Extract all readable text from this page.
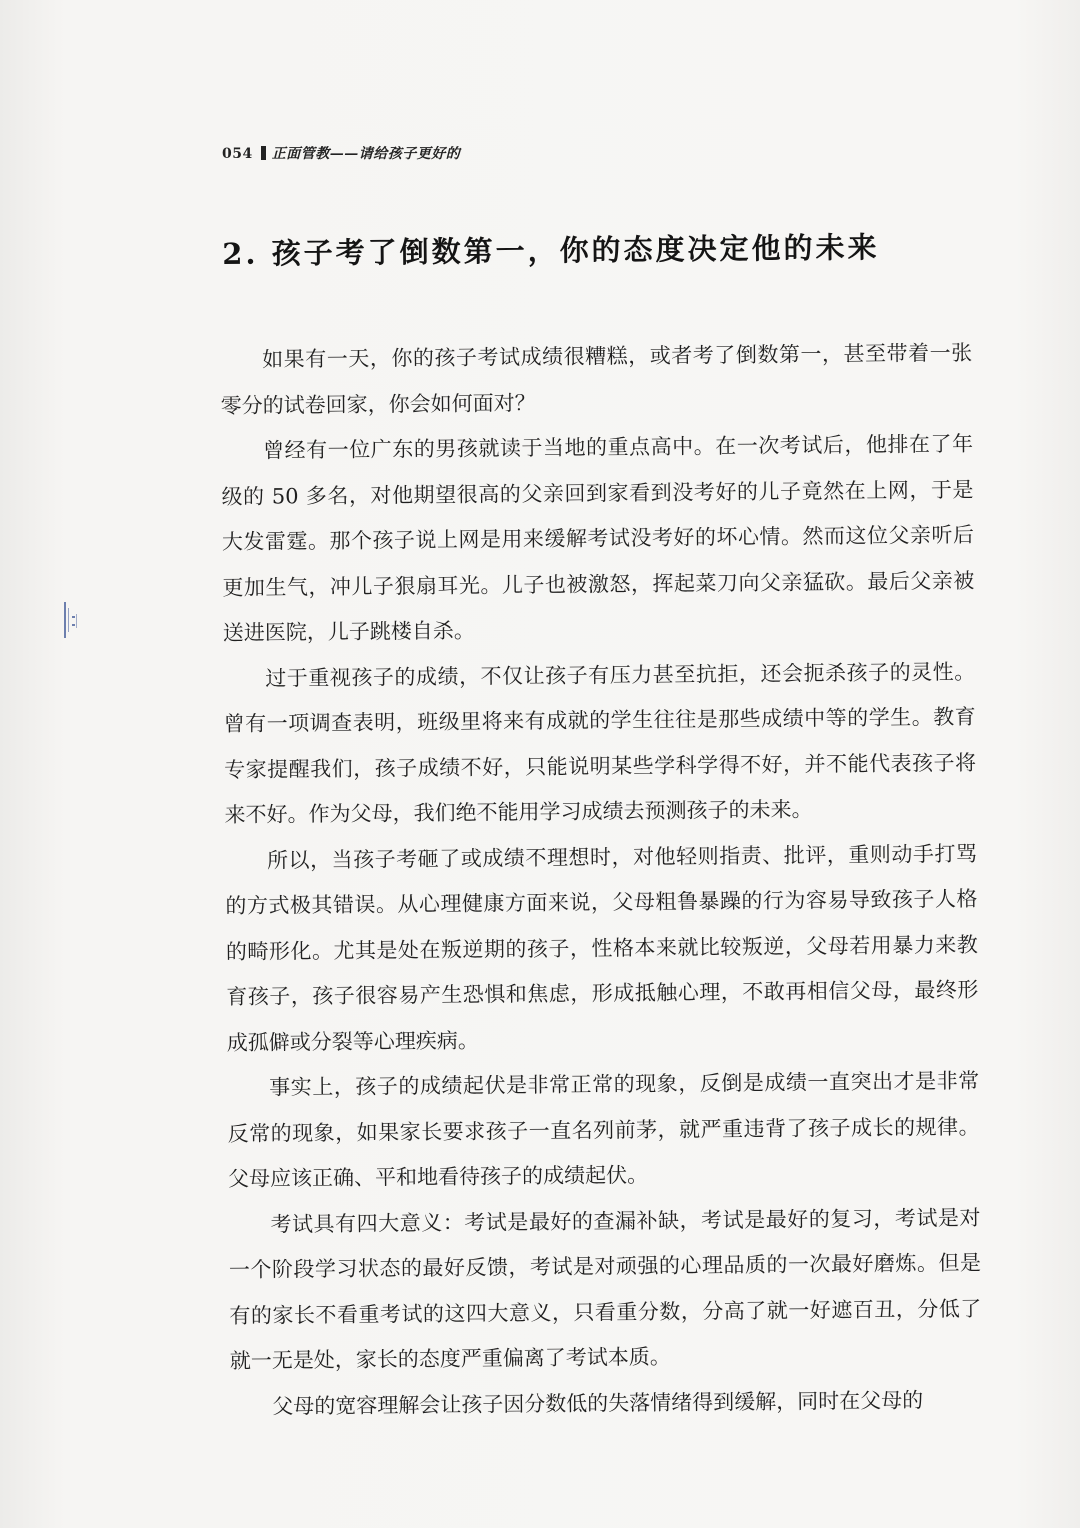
054 正面管教——请给孩子更好的
2. 孩子考了倒数第一，你的态度决定他的未来

如果有一天，你的孩子考试成绩很糟糕，或者考了倒数第一，甚至带着一张零分的试卷回家，你会如何面对？

曾经有一位广东的男孩就读于当地的重点高中。在一次考试后，他排在了年级的 50 多名，对他期望很高的父亲回到家看到没考好的儿子竟然在上网，于是大发雷霆。那个孩子说上网是用来缓解考试没考好的坏心情。然而这位父亲听后更加生气，冲儿子狠扇耳光。儿子也被激怒，挥起菜刀向父亲猛砍。最后父亲被送进医院，儿子跳楼自杀。

过于重视孩子的成绩，不仅让孩子有压力甚至抗拒，还会扼杀孩子的灵性。曾有一项调查表明，班级里将来有成就的学生往往是那些成绩中等的学生。教育专家提醒我们，孩子成绩不好，只能说明某些学科学得不好，并不能代表孩子将来不好。作为父母，我们绝不能用学习成绩去预测孩子的未来。

所以，当孩子考砸了或成绩不理想时，对他轻则指责、批评，重则动手打骂的方式极其错误。从心理健康方面来说，父母粗鲁暴躁的行为容易导致孩子人格的畸形化。尤其是处在叛逆期的孩子，性格本来就比较叛逆，父母若用暴力来教育孩子，孩子很容易产生恐惧和焦虑，形成抵触心理，不敢再相信父母，最终形成孤僻或分裂等心理疾病。

事实上，孩子的成绩起伏是非常正常的现象，反倒是成绩一直突出才是非常反常的现象，如果家长要求孩子一直名列前茅，就严重违背了孩子成长的规律。父母应该正确、平和地看待孩子的成绩起伏。

考试具有四大意义：考试是最好的查漏补缺，考试是最好的复习，考试是对一个阶段学习状态的最好反馈，考试是对顽强的心理品质的一次最好磨炼。但是有的家长不看重考试的这四大意义，只看重分数，分高了就一好遮百丑，分低了就一无是处，家长的态度严重偏离了考试本质。

父母的宽容理解会让孩子因分数低的失落情绪得到缓解，同时在父母的
